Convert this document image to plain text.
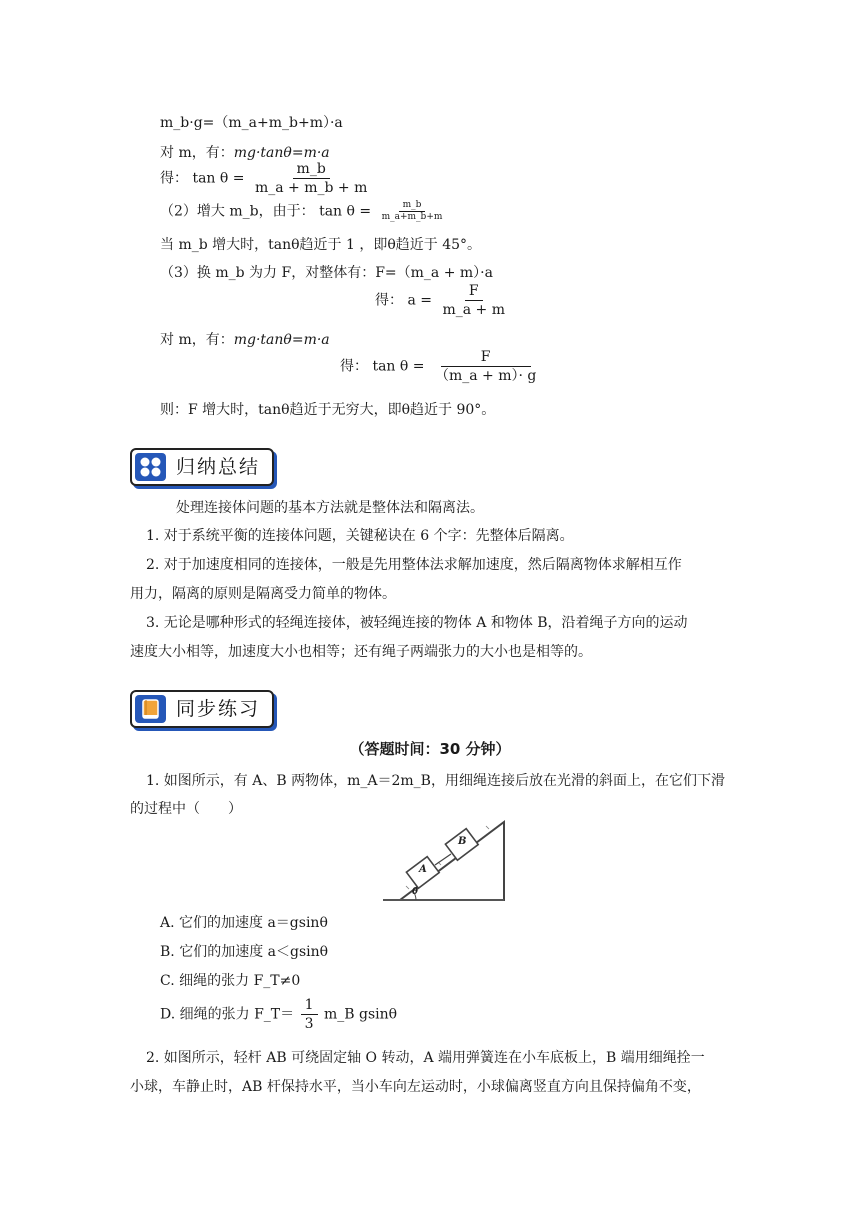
m_b·g=（m_a+m_b+m）·a
对 m，有：mg·tanθ=m·a
得： $\tan \theta = \frac{m\_b}{m\_a + m\_b + m}$
（2）增大 m_b，由于： $\tan \theta = \frac{m\_b}{m\_a+m\_b+m}$
当 m_b 增大时，tanθ趋近于 1 ，即θ趋近于 45°。
（3）换 m_b 为力 F，对整体有：F=（m_a + m）·a
得： $a = \frac{F}{m\_a + m}$
对 m，有：mg·tanθ=m·a
得： $\tan \theta = \frac{F}{(m\_a + m)\cdot g}$
则：F 增大时，tanθ趋近于无穷大，即θ趋近于 90°。
归纳总结
处理连接体问题的基本方法就是整体法和隔离法。
1. 对于系统平衡的连接体问题，关键秘诀在 6 个字：先整体后隔离。
2. 对于加速度相同的连接体，一般是先用整体法求解加速度，然后隔离物体求解相互作
用力，隔离的原则是隔离受力简单的物体。
3. 无论是哪种形式的轻绳连接体，被轻绳连接的物体 A 和物体 B，沿着绳子方向的运动
速度大小相等，加速度大小也相等；还有绳子两端张力的大小也是相等的。
同步练习
（答题时间：30 分钟）
1. 如图所示，有 A、B 两物体，m_A＝2m_B，用细绳连接后放在光滑的斜面上，在它们下滑
的过程中（　　）
A
B
θ
A. 它们的加速度 a＝gsinθ
B. 它们的加速度 a＜gsinθ
C. 细绳的张力 F_T≠0
D. 细绳的张力 F_T＝ $\frac{1}{3}$ m_B gsinθ
2. 如图所示，轻杆 AB 可绕固定轴 O 转动，A 端用弹簧连在小车底板上，B 端用细绳拴一
小球，车静止时，AB 杆保持水平，当小车向左运动时，小球偏离竖直方向且保持偏角不变，
